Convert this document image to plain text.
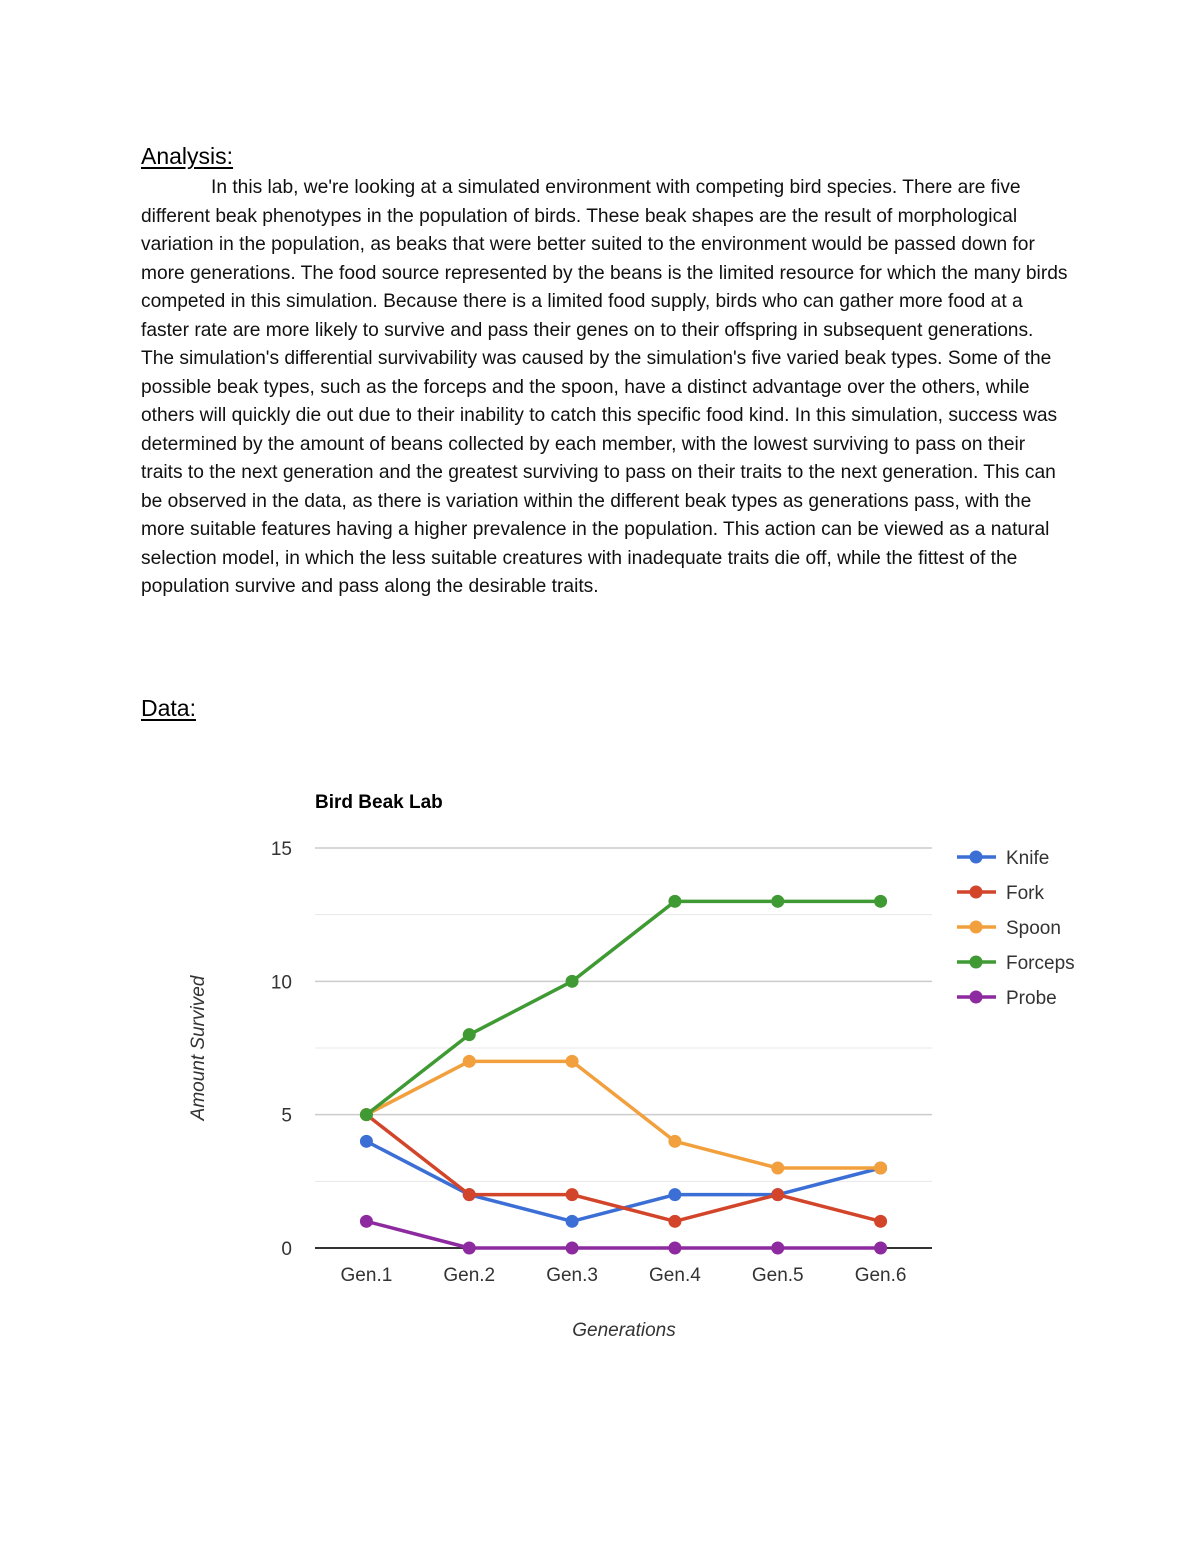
Analysis:

In this lab, we're looking at a simulated environment with competing bird species. There are five different beak phenotypes in the population of birds. These beak shapes are the result of morphological variation in the population, as beaks that were better suited to the environment would be passed down for more generations. The food source represented by the beans is the limited resource for which the many birds competed in this simulation. Because there is a limited food supply, birds who can gather more food at a faster rate are more likely to survive and pass their genes on to their offspring in subsequent generations. The simulation's differential survivability was caused by the simulation's five varied beak types. Some of the possible beak types, such as the forceps and the spoon, have a distinct advantage over the others, while others will quickly die out due to their inability to catch this specific food kind. In this simulation, success was determined by the amount of beans collected by each member, with the lowest surviving to pass on their traits to the next generation and the greatest surviving to pass on their traits to the next generation. This can be observed in the data, as there is variation within the different beak types as generations pass, with the more suitable features having a higher prevalence in the population. This action can be viewed as a natural selection model, in which the less suitable creatures with inadequate traits die off, while the fittest of the population survive and pass along the desirable traits.

Data:
Bird Beak Lab
0
5
10
15
Gen.1	Gen.2	Gen.3	Gen.4	Gen.5	Gen.6
Knife
Fork
Spoon
Forceps
Probe
Generations
Amount Survived
